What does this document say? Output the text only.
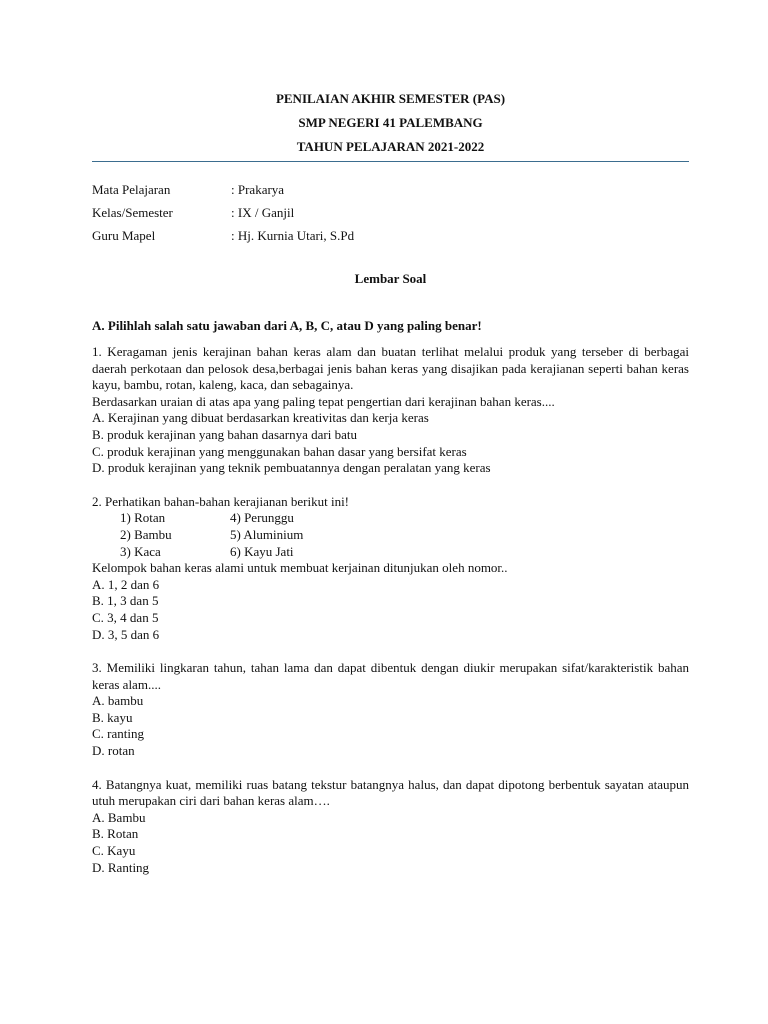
PENILAIAN AKHIR SEMESTER (PAS)
SMP NEGERI 41 PALEMBANG
TAHUN PELAJARAN 2021-2022
Mata Pelajaran	: Prakarya
Kelas/Semester	: IX / Ganjil
Guru Mapel	: Hj. Kurnia Utari, S.Pd
Lembar Soal
A. Pilihlah salah satu jawaban dari A, B, C, atau D yang paling benar!
1. Keragaman jenis kerajinan bahan keras alam dan buatan terlihat melalui produk yang terseber di berbagai daerah perkotaan dan pelosok desa,berbagai jenis bahan keras yang disajikan pada kerajianan seperti bahan keras kayu, bambu, rotan, kaleng, kaca, dan sebagainya.
Berdasarkan uraian di atas apa yang paling tepat pengertian dari kerajinan bahan keras....
A. Kerajinan yang dibuat berdasarkan kreativitas dan kerja keras
B. produk kerajinan yang bahan dasarnya dari batu
C. produk kerajinan yang menggunakan bahan dasar yang bersifat keras
D. produk kerajinan yang teknik pembuatannya dengan peralatan yang keras
2. Perhatikan bahan-bahan kerajianan berikut ini!
1) Rotan	4) Perunggu
2) Bambu	5) Aluminium
3) Kaca	6) Kayu Jati
Kelompok bahan keras alami untuk membuat kerjainan ditunjukan oleh nomor..
A. 1, 2 dan 6
B. 1, 3 dan 5
C. 3, 4 dan 5
D. 3, 5 dan 6
3. Memiliki lingkaran tahun, tahan lama dan dapat dibentuk dengan diukir merupakan sifat/karakteristik bahan keras alam....
A. bambu
B. kayu
C. ranting
D. rotan
4. Batangnya kuat, memiliki ruas batang tekstur batangnya halus, dan dapat dipotong berbentuk sayatan ataupun utuh merupakan ciri dari bahan keras alam….
A. Bambu
B. Rotan
C. Kayu
D. Ranting
